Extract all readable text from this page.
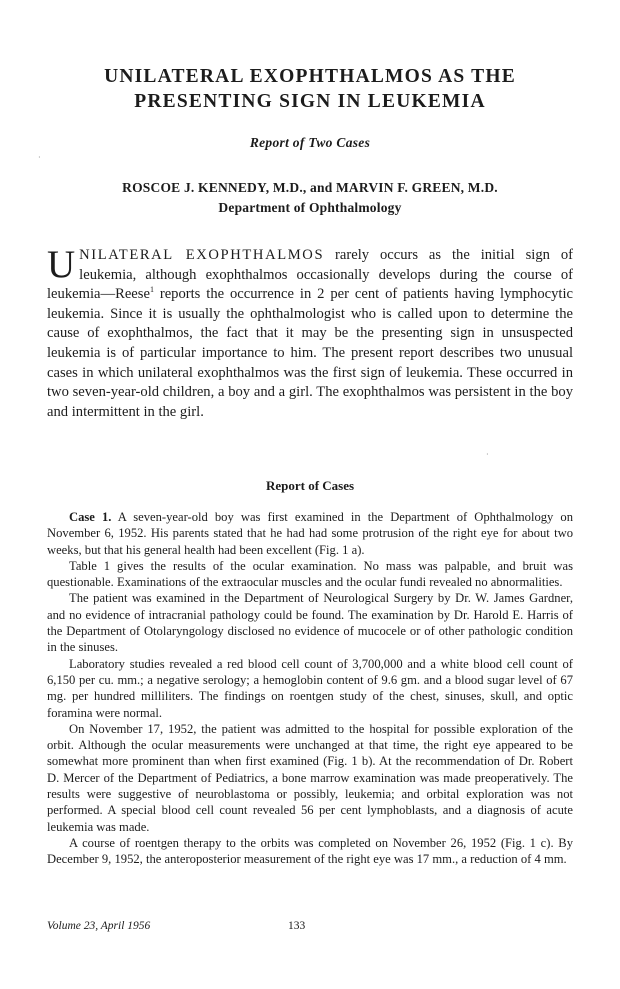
UNILATERAL EXOPHTHALMOS AS THE
PRESENTING SIGN IN LEUKEMIA
Report of Two Cases
·
ROSCOE J. KENNEDY, M.D., and MARVIN F. GREEN, M.D.
Department of Ophthalmology

UNILATERAL EXOPHTHALMOS rarely occurs as the initial sign of leukemia, although exophthalmos occasionally develops during the course of leukemia—Reese$^1$ reports the occurrence in 2 per cent of patients having lymphocytic leukemia. Since it is usually the ophthalmologist who is called upon to determine the cause of exophthalmos, the fact that it may be the presenting sign in unsuspected leukemia is of particular importance to him. The present report describes two unusual cases in which unilateral exophthalmos was the first sign of leukemia. These occurred in two seven-year-old children, a boy and a girl. The exophthalmos was persistent in the boy and intermittent in the girl.

·
Report of Cases

Case 1. A seven-year-old boy was first examined in the Department of Ophthalmology on November 6, 1952. His parents stated that he had had some protrusion of the right eye for about two weeks, but that his general health had been excellent (Fig. 1 a).

Table 1 gives the results of the ocular examination. No mass was palpable, and bruit was questionable. Examinations of the extraocular muscles and the ocular fundi revealed no abnormalities.

The patient was examined in the Department of Neurological Surgery by Dr. W. James Gardner, and no evidence of intracranial pathology could be found. The examination by Dr. Harold E. Harris of the Department of Otolaryngology disclosed no evidence of mucocele or of other pathologic condition in the sinuses.

Laboratory studies revealed a red blood cell count of 3,700,000 and a white blood cell count of 6,150 per cu. mm.; a negative serology; a hemoglobin content of 9.6 gm. and a blood sugar level of 67 mg. per hundred milliliters. The findings on roentgen study of the chest, sinuses, skull, and optic foramina were normal.

On November 17, 1952, the patient was admitted to the hospital for possible exploration of the orbit. Although the ocular measurements were unchanged at that time, the right eye appeared to be somewhat more prominent than when first examined (Fig. 1 b). At the recommendation of Dr. Robert D. Mercer of the Department of Pediatrics, a bone marrow examination was made preoperatively. The results were suggestive of neuroblastoma or possibly, leukemia; and orbital exploration was not performed. A special blood cell count revealed 56 per cent lymphoblasts, and a diagnosis of acute leukemia was made.

A course of roentgen therapy to the orbits was completed on November 26, 1952 (Fig. 1 c). By December 9, 1952, the anteroposterior measurement of the right eye was 17 mm., a reduction of 4 mm.

Volume 23, April 1956	133
